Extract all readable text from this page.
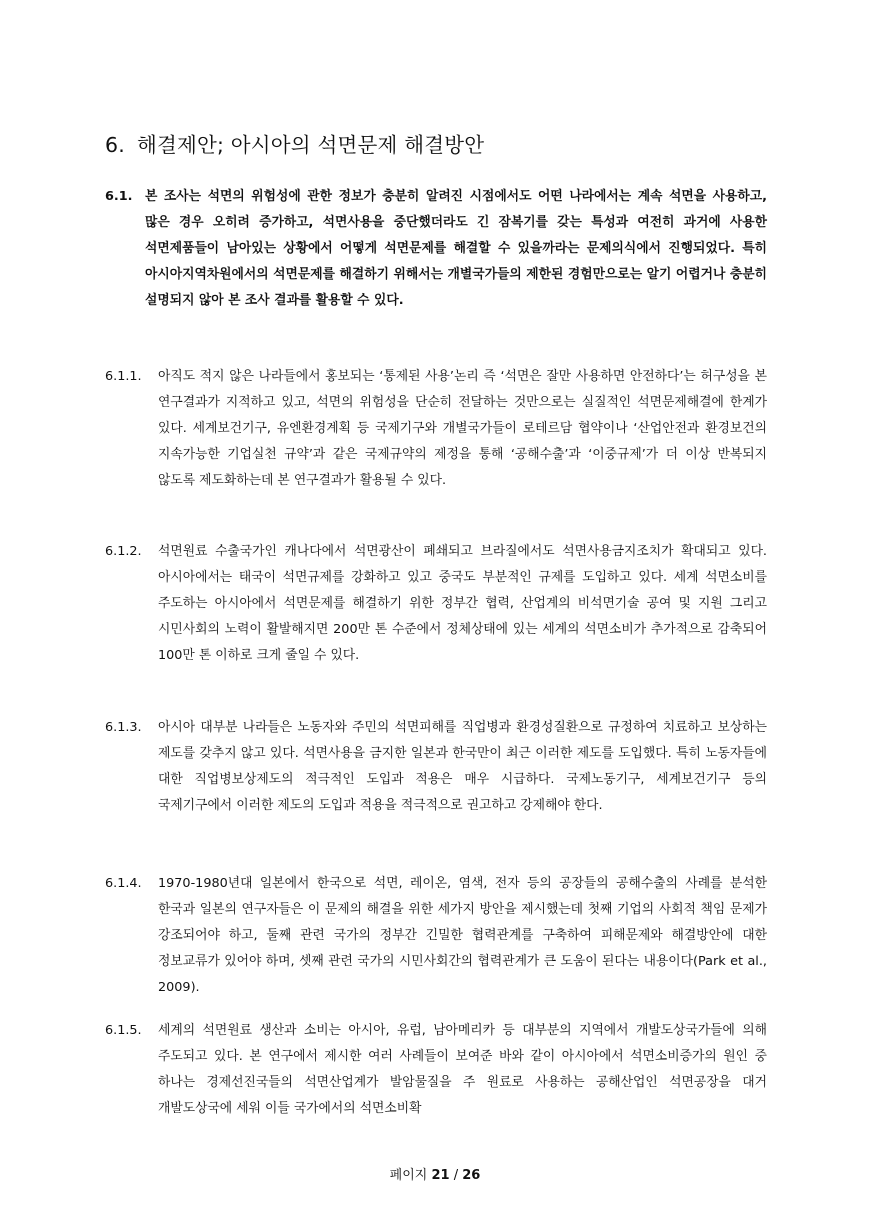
6. 해결제안; 아시아의 석면문제 해결방안
6.1. 본 조사는 석면의 위험성에 관한 정보가 충분히 알려진 시점에서도 어떤 나라에서는 계속 석면을 사용하고, 많은 경우 오히려 증가하고, 석면사용을 중단했더라도 긴 잠복기를 갖는 특성과 여전히 과거에 사용한 석면제품들이 남아있는 상황에서 어떻게 석면문제를 해결할 수 있을까라는 문제의식에서 진행되었다. 특히 아시아지역차원에서의 석면문제를 해결하기 위해서는 개별국가들의 제한된 경험만으로는 알기 어렵거나 충분히 설명되지 않아 본 조사 결과를 활용할 수 있다.
6.1.1.	아직도 적지 않은 나라들에서 홍보되는 ‘통제된 사용’논리 즉 ‘석면은 잘만 사용하면 안전하다’는 허구성을 본 연구결과가 지적하고 있고, 석면의 위험성을 단순히 전달하는 것만으로는 실질적인 석면문제해결에 한계가 있다. 세계보건기구, 유엔환경계획 등 국제기구와 개별국가들이 로테르담 협약이나 ‘산업안전과 환경보건의 지속가능한 기업실천 규약’과 같은 국제규약의 제정을 통해 ‘공해수출’과 ‘이중규제’가 더 이상 반복되지 않도록 제도화하는데 본 연구결과가 활용될 수 있다.
6.1.2.	석면원료 수출국가인 캐나다에서 석면광산이 폐쇄되고 브라질에서도 석면사용금지조치가 확대되고 있다. 아시아에서는 태국이 석면규제를 강화하고 있고 중국도 부분적인 규제를 도입하고 있다. 세계 석면소비를 주도하는 아시아에서 석면문제를 해결하기 위한 정부간 협력, 산업계의 비석면기술 공여 및 지원 그리고 시민사회의 노력이 활발해지면 200만 톤 수준에서 정체상태에 있는 세계의 석면소비가 추가적으로 감축되어 100만 톤 이하로 크게 줄일 수 있다.
6.1.3.	아시아 대부분 나라들은 노동자와 주민의 석면피해를 직업병과 환경성질환으로 규정하여 치료하고 보상하는 제도를 갖추지 않고 있다. 석면사용을 금지한 일본과 한국만이 최근 이러한 제도를 도입했다. 특히 노동자들에 대한 직업병보상제도의 적극적인 도입과 적용은 매우 시급하다. 국제노동기구, 세계보건기구 등의 국제기구에서 이러한 제도의 도입과 적용을 적극적으로 권고하고 강제해야 한다.
6.1.4.	1970-1980년대 일본에서 한국으로 석면, 레이온, 염색, 전자 등의 공장들의 공해수출의 사례를 분석한 한국과 일본의 연구자들은 이 문제의 해결을 위한 세가지 방안을 제시했는데 첫째 기업의 사회적 책임 문제가 강조되어야 하고, 둘째 관련 국가의 정부간 긴밀한 협력관계를 구축하여 피해문제와 해결방안에 대한 정보교류가 있어야 하며, 셋째 관련 국가의 시민사회간의 협력관계가 큰 도움이 된다는 내용이다(Park et al., 2009).
6.1.5.	세계의 석면원료 생산과 소비는 아시아, 유럽, 남아메리카 등 대부분의 지역에서 개발도상국가들에 의해 주도되고 있다. 본 연구에서 제시한 여러 사례들이 보여준 바와 같이 아시아에서 석면소비증가의 원인 중 하나는 경제선진국들의 석면산업계가 발암물질을 주 원료로 사용하는 공해산업인 석면공장을 대거 개발도상국에 세워 이들 국가에서의 석면소비확
페이지 21 / 26
